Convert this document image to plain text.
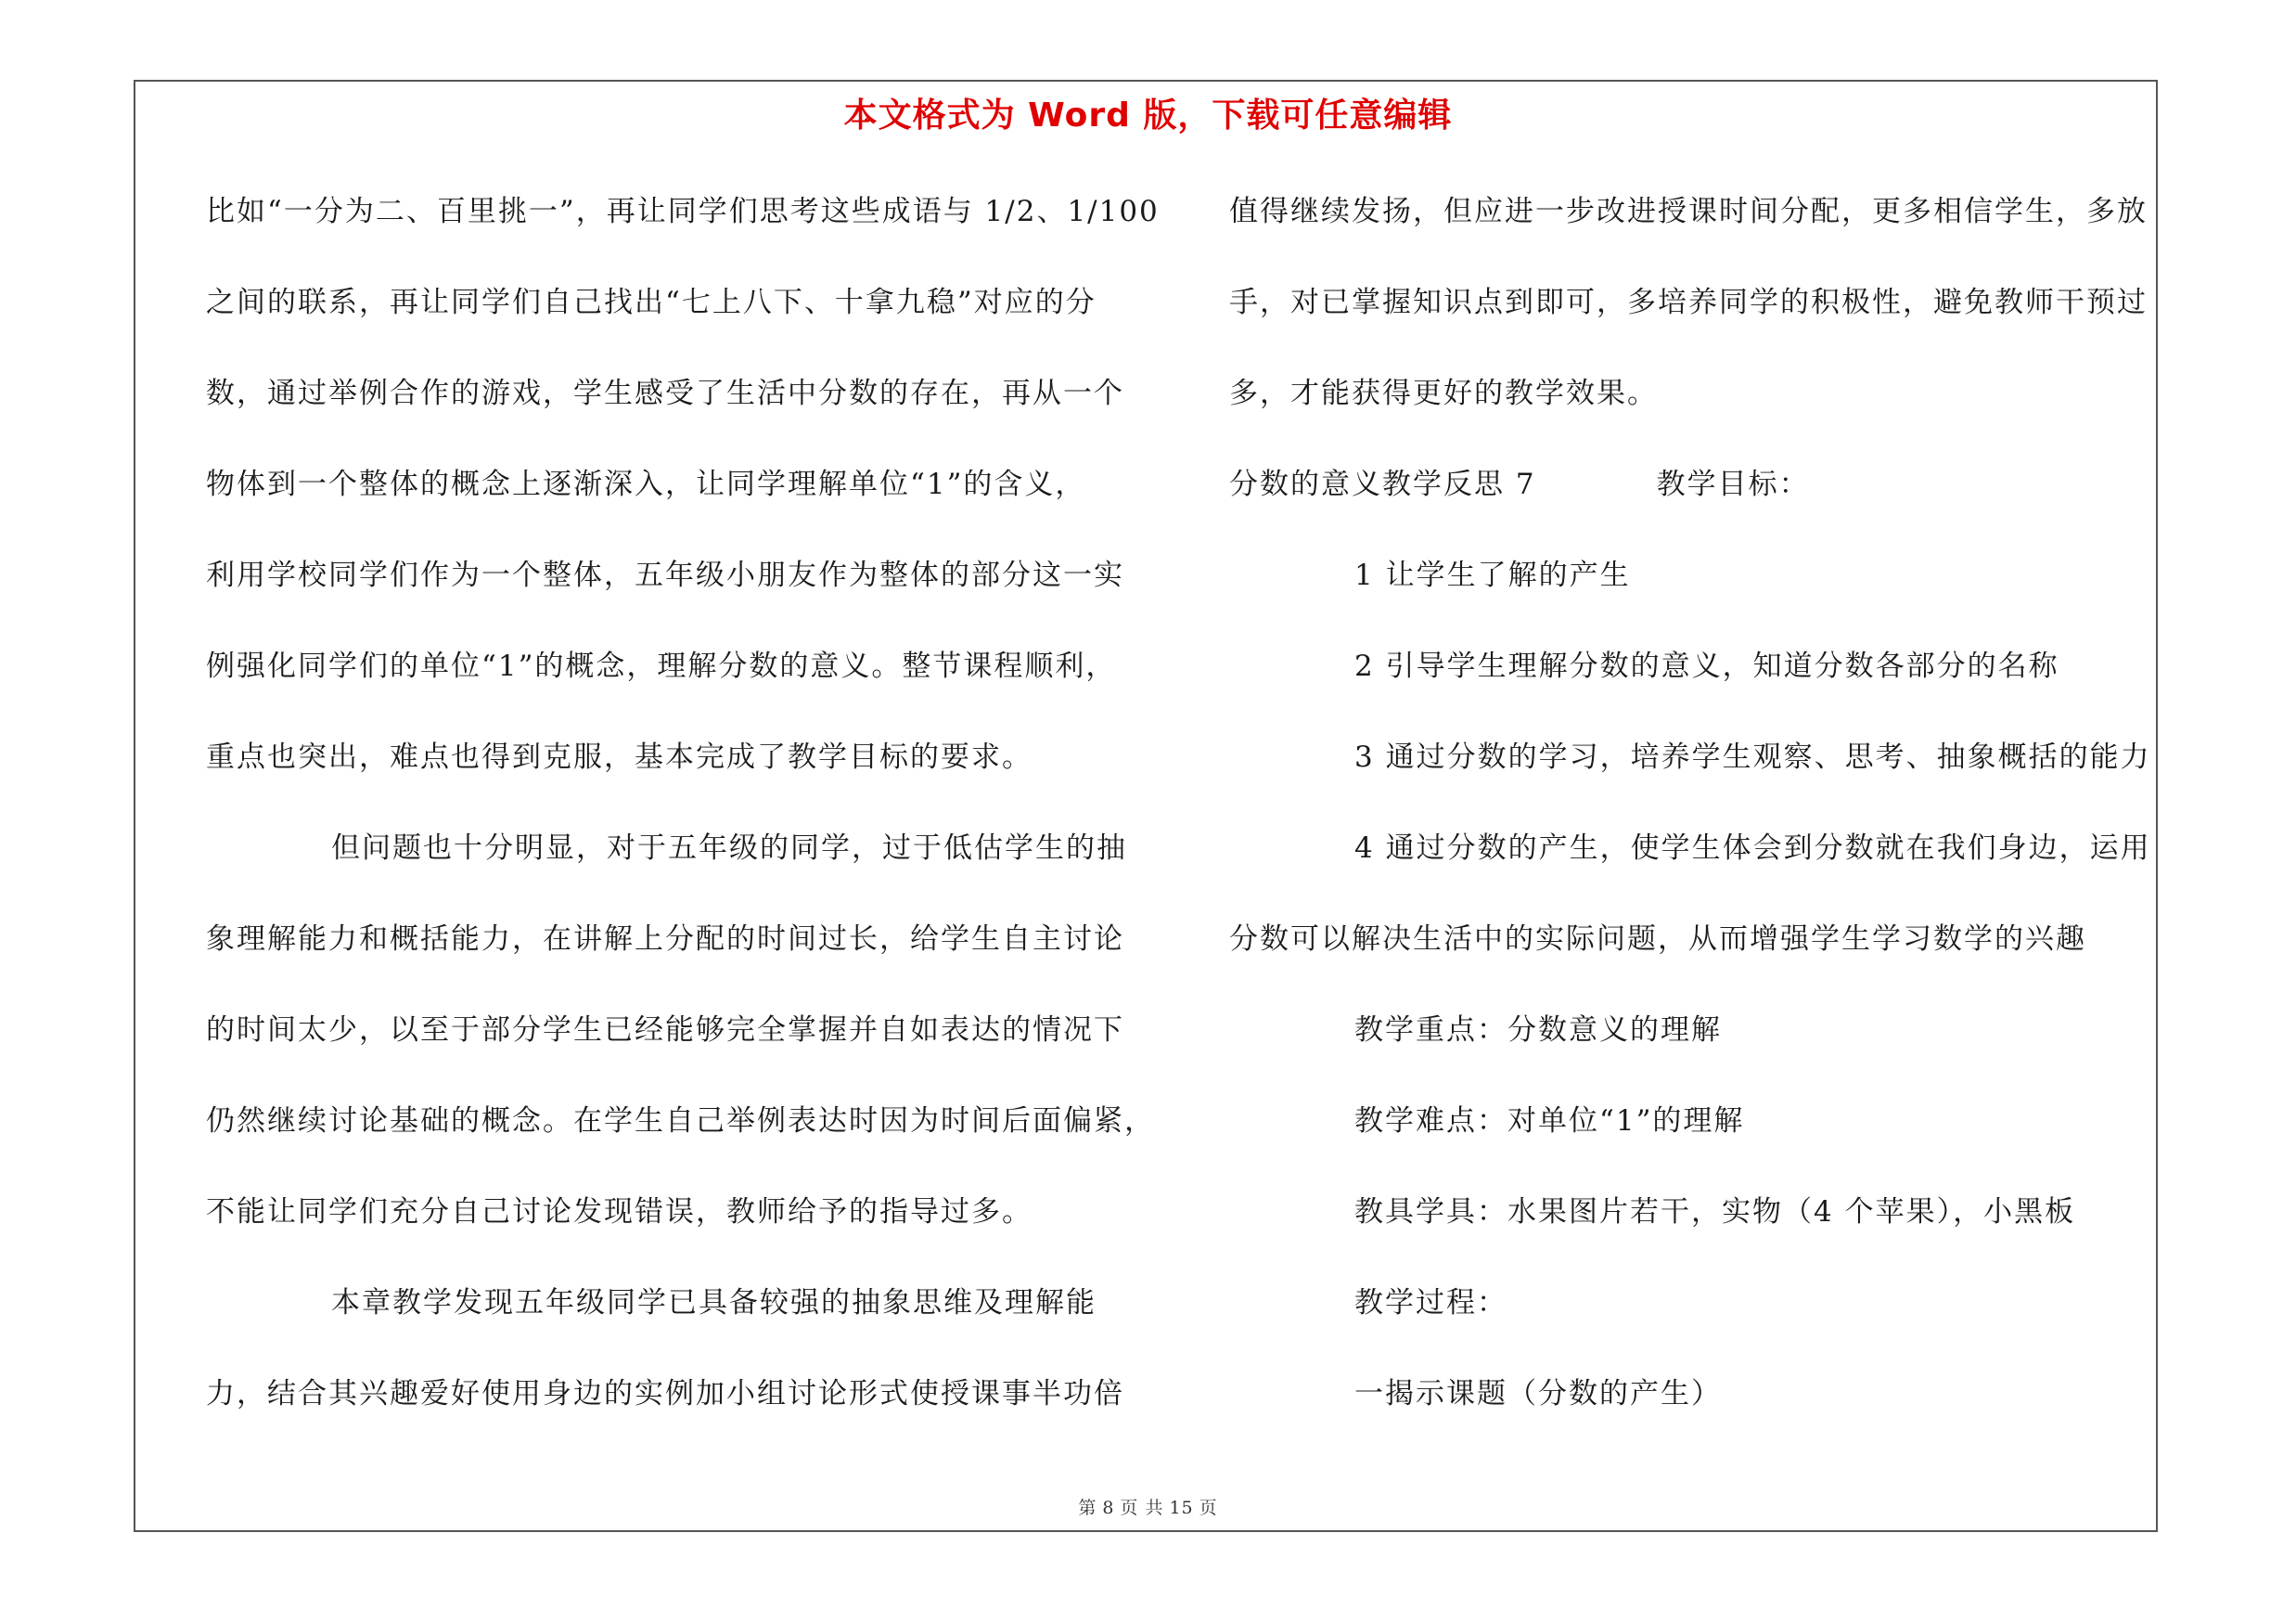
本文格式为 Word 版，下载可任意编辑
比如“一分为二、百里挑一”，再让同学们思考这些成语与 1/2、1/100
之间的联系，再让同学们自己找出“七上八下、十拿九稳”对应的分
数，通过举例合作的游戏，学生感受了生活中分数的存在，再从一个
物体到一个整体的概念上逐渐深入，让同学理解单位“1”的含义，
利用学校同学们作为一个整体，五年级小朋友作为整体的部分这一实
例强化同学们的单位“1”的概念，理解分数的意义。整节课程顺利，
重点也突出，难点也得到克服，基本完成了教学目标的要求。
但问题也十分明显，对于五年级的同学，过于低估学生的抽
象理解能力和概括能力，在讲解上分配的时间过长，给学生自主讨论
的时间太少，以至于部分学生已经能够完全掌握并自如表达的情况下
仍然继续讨论基础的概念。在学生自己举例表达时因为时间后面偏紧，
不能让同学们充分自己讨论发现错误，教师给予的指导过多。
本章教学发现五年级同学已具备较强的抽象思维及理解能
力，结合其兴趣爱好使用身边的实例加小组讨论形式使授课事半功倍
值得继续发扬，但应进一步改进授课时间分配，更多相信学生，多放
手，对已掌握知识点到即可，多培养同学的积极性，避免教师干预过
多，才能获得更好的教学效果。
分数的意义教学反思 7	教学目标：
1 让学生了解的产生
2 引导学生理解分数的意义，知道分数各部分的名称
3 通过分数的学习，培养学生观察、思考、抽象概括的能力
4 通过分数的产生，使学生体会到分数就在我们身边，运用
分数可以解决生活中的实际问题，从而增强学生学习数学的兴趣
教学重点：分数意义的理解
教学难点：对单位“1”的理解
教具学具：水果图片若干，实物（4 个苹果），小黑板
教学过程：
一揭示课题（分数的产生）
第 8 页 共 15 页
